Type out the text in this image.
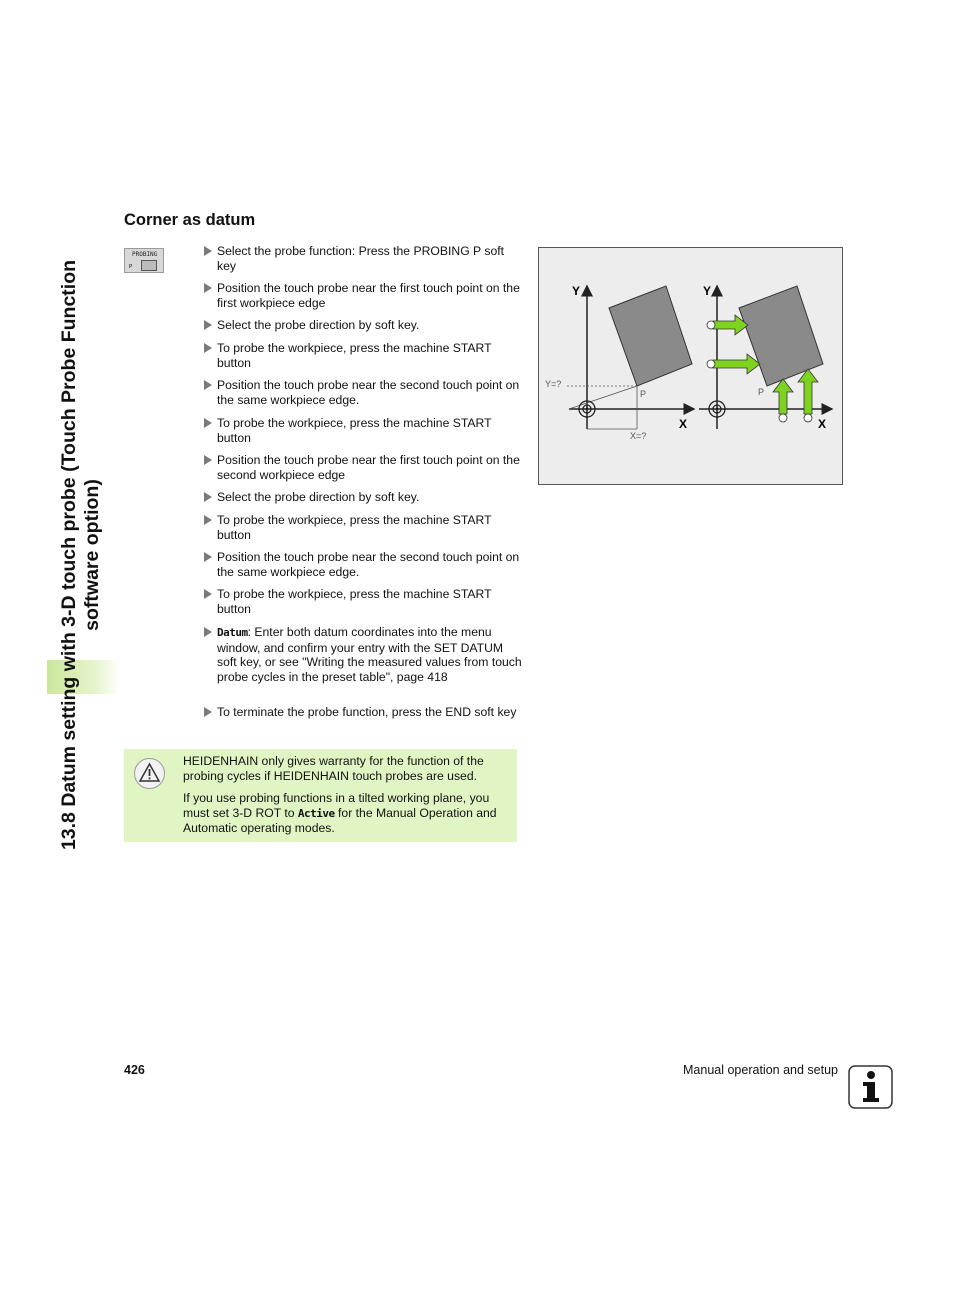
13.8 Datum setting with 3-D touch probe (Touch Probe Function software option)
Corner as datum
PROBING
P
Select the probe function: Press the PROBING P soft key
Position the touch probe near the first touch point on the first workpiece edge
Select the probe direction by soft key.
To probe the workpiece, press the machine START button
Position the touch probe near the second touch point on the same workpiece edge.
To probe the workpiece, press the machine START button
Position the touch probe near the first touch point on the second workpiece edge
Select the probe direction by soft key.
To probe the workpiece, press the machine START button
Position the touch probe near the second touch point on the same workpiece edge.
To probe the workpiece, press the machine START button
Datum: Enter both datum coordinates into the menu window, and confirm your entry with the SET DATUM soft key, or see "Writing the measured values from touch probe cycles in the preset table", page 418
To terminate the probe function, press the END soft key

HEIDENHAIN only gives warranty for the function of the probing cycles if HEIDENHAIN touch probes are used.

If you use probing functions in a tilted working plane, you must set 3-D ROT to Active for the Manual Operation and Automatic operating modes.

Y
X
Y=?
X=?
P
Y
X
P
426	Manual operation and setup
